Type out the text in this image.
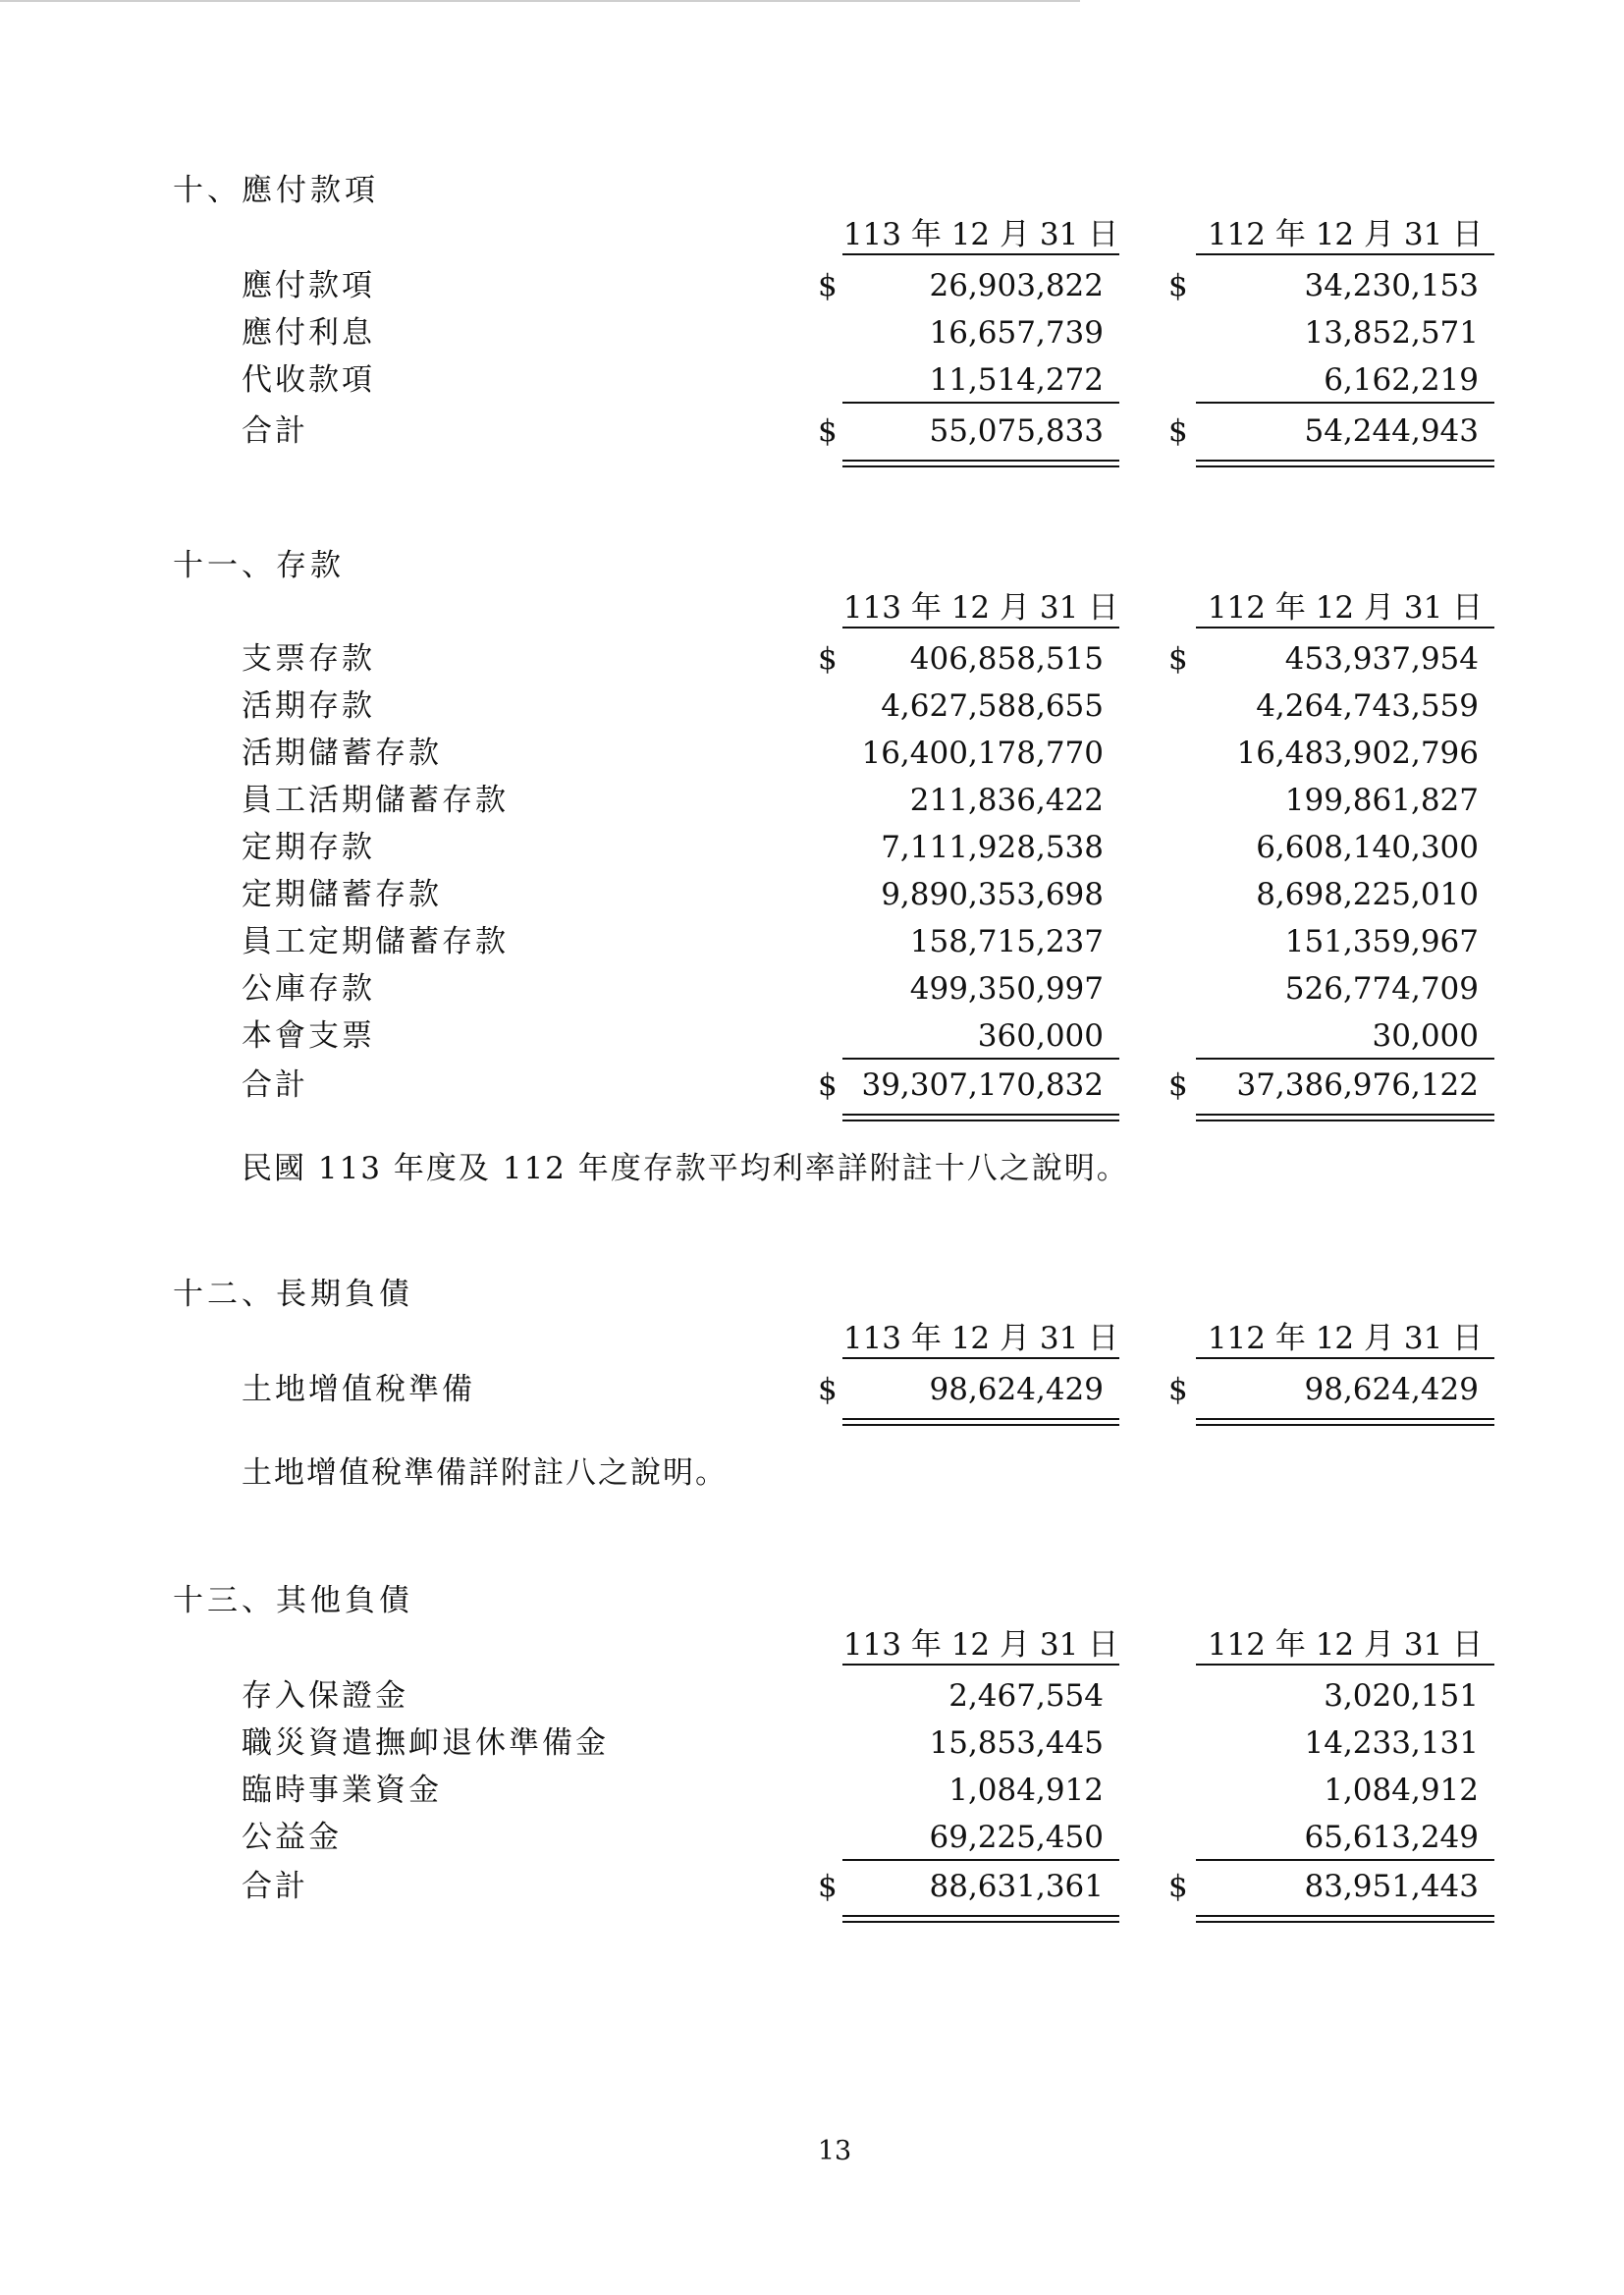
十、應付款項
113 年 12 月 31 日	112 年 12 月 31 日
應付款項	$	26,903,822 $	34,230,153
應付利息	16,657,739	13,852,571
代收款項	11,514,272	6,162,219
合計	$	55,075,833 $	54,244,943
十一、存款
113 年 12 月 31 日	112 年 12 月 31 日
支票存款	$	406,858,515 $	453,937,954
活期存款	4,627,588,655	4,264,743,559
活期儲蓄存款	16,400,178,770	16,483,902,796
員工活期儲蓄存款	211,836,422	199,861,827
定期存款	7,111,928,538	6,608,140,300
定期儲蓄存款	9,890,353,698	8,698,225,010
員工定期儲蓄存款	158,715,237	151,359,967
公庫存款	499,350,997	526,774,709
本會支票	360,000	30,000
合計	$ 39,307,170,832 $	37,386,976,122
民國 113 年度及 112 年度存款平均利率詳附註十八之說明。
十二、長期負債
113 年 12 月 31 日	112 年 12 月 31 日
土地增值稅準備	$	98,624,429 $	98,624,429
土地增值稅準備詳附註八之說明。
十三、其他負債
113 年 12 月 31 日	112 年 12 月 31 日
存入保證金	2,467,554	3,020,151
職災資遣撫卹退休準備金	15,853,445	14,233,131
臨時事業資金	1,084,912	1,084,912
公益金	69,225,450	65,613,249
合計	$	88,631,361 $	83,951,443
13
